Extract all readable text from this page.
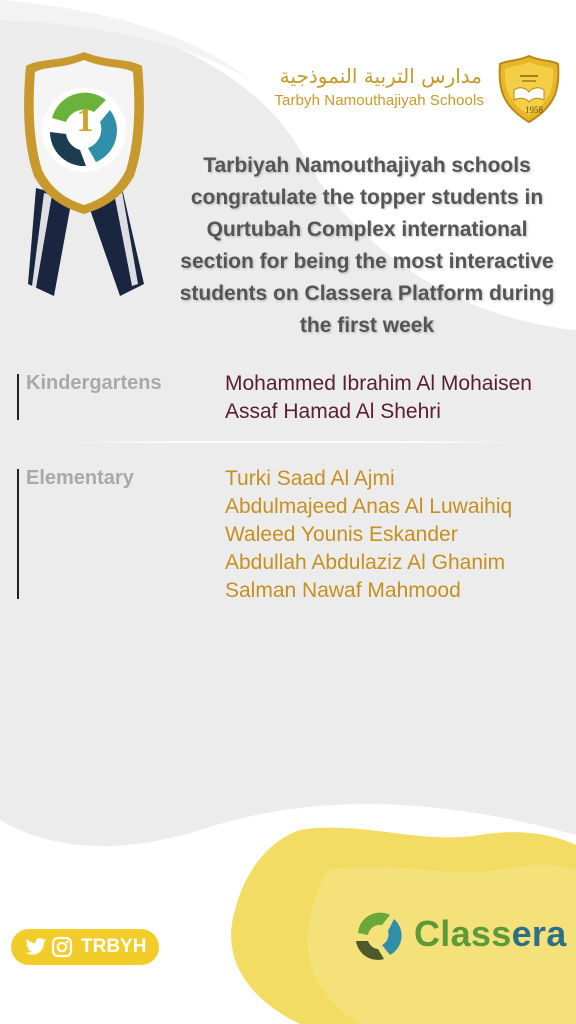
1
مدارس التربية النموذجية
Tarbyh Namouthajiyah Schools
1958
Tarbiyah Namouthajiyah schools congratulate the topper students in Qurtubah Complex international section for being the most interactive students on Classera Platform during the first week
Kindergartens	Mohammed Ibrahim Al Mohaisen
Assaf Hamad Al Shehri
Elementary	Turki Saad Al Ajmi
Abdulmajeed Anas Al Luwaihiq
Waleed Younis Eskander
Abdullah Abdulaziz Al Ghanim
Salman Nawaf Mahmood
TRBYH	Classera
